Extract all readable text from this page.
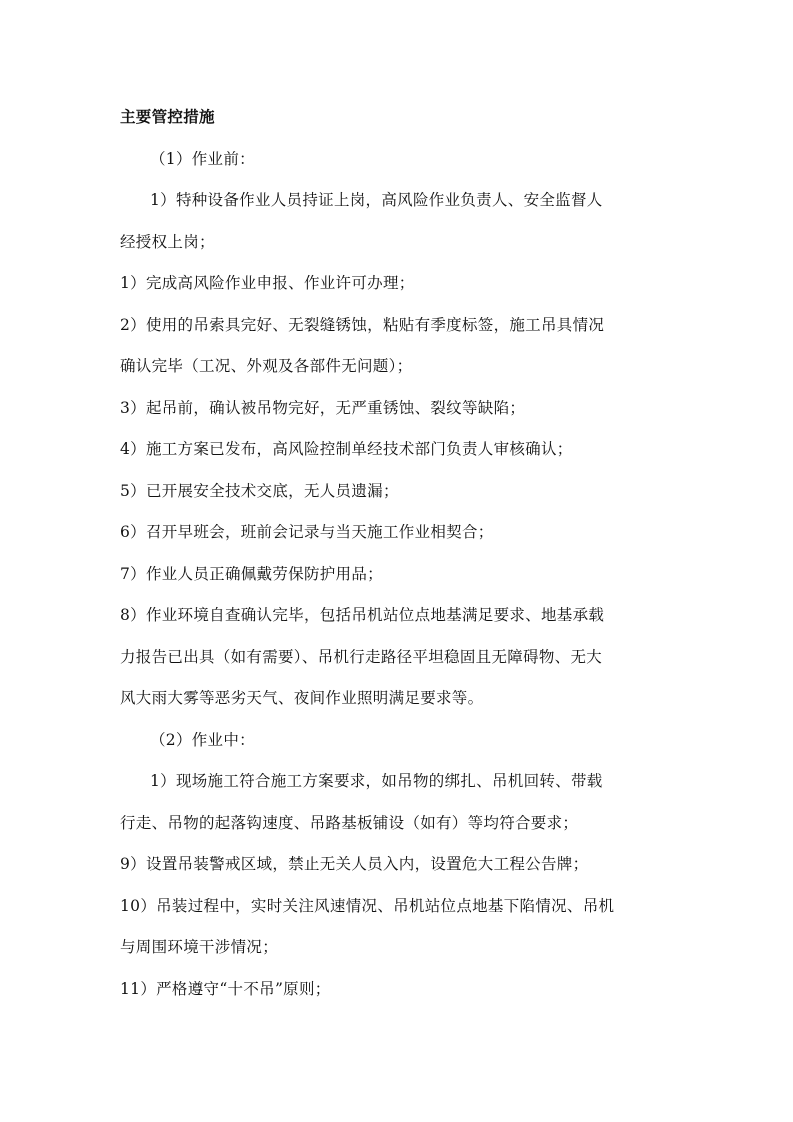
主要管控措施
（1）作业前：
1）特种设备作业人员持证上岗，高风险作业负责人、安全监督人
经授权上岗；
1）完成高风险作业申报、作业许可办理；
2）使用的吊索具完好、无裂缝锈蚀，粘贴有季度标签，施工吊具情况
确认完毕（工况、外观及各部件无问题）；
3）起吊前，确认被吊物完好，无严重锈蚀、裂纹等缺陷；
4）施工方案已发布，高风险控制单经技术部门负责人审核确认；
5）已开展安全技术交底，无人员遗漏；
6）召开早班会，班前会记录与当天施工作业相契合；
7）作业人员正确佩戴劳保防护用品；
8）作业环境自查确认完毕，包括吊机站位点地基满足要求、地基承载
力报告已出具（如有需要）、吊机行走路径平坦稳固且无障碍物、无大
风大雨大雾等恶劣天气、夜间作业照明满足要求等。
（2）作业中：
1）现场施工符合施工方案要求，如吊物的绑扎、吊机回转、带载
行走、吊物的起落钩速度、吊路基板铺设（如有）等均符合要求；
9）设置吊装警戒区域，禁止无关人员入内，设置危大工程公告牌；
10）吊装过程中，实时关注风速情况、吊机站位点地基下陷情况、吊机
与周围环境干涉情况；
11）严格遵守“十不吊”原则；
